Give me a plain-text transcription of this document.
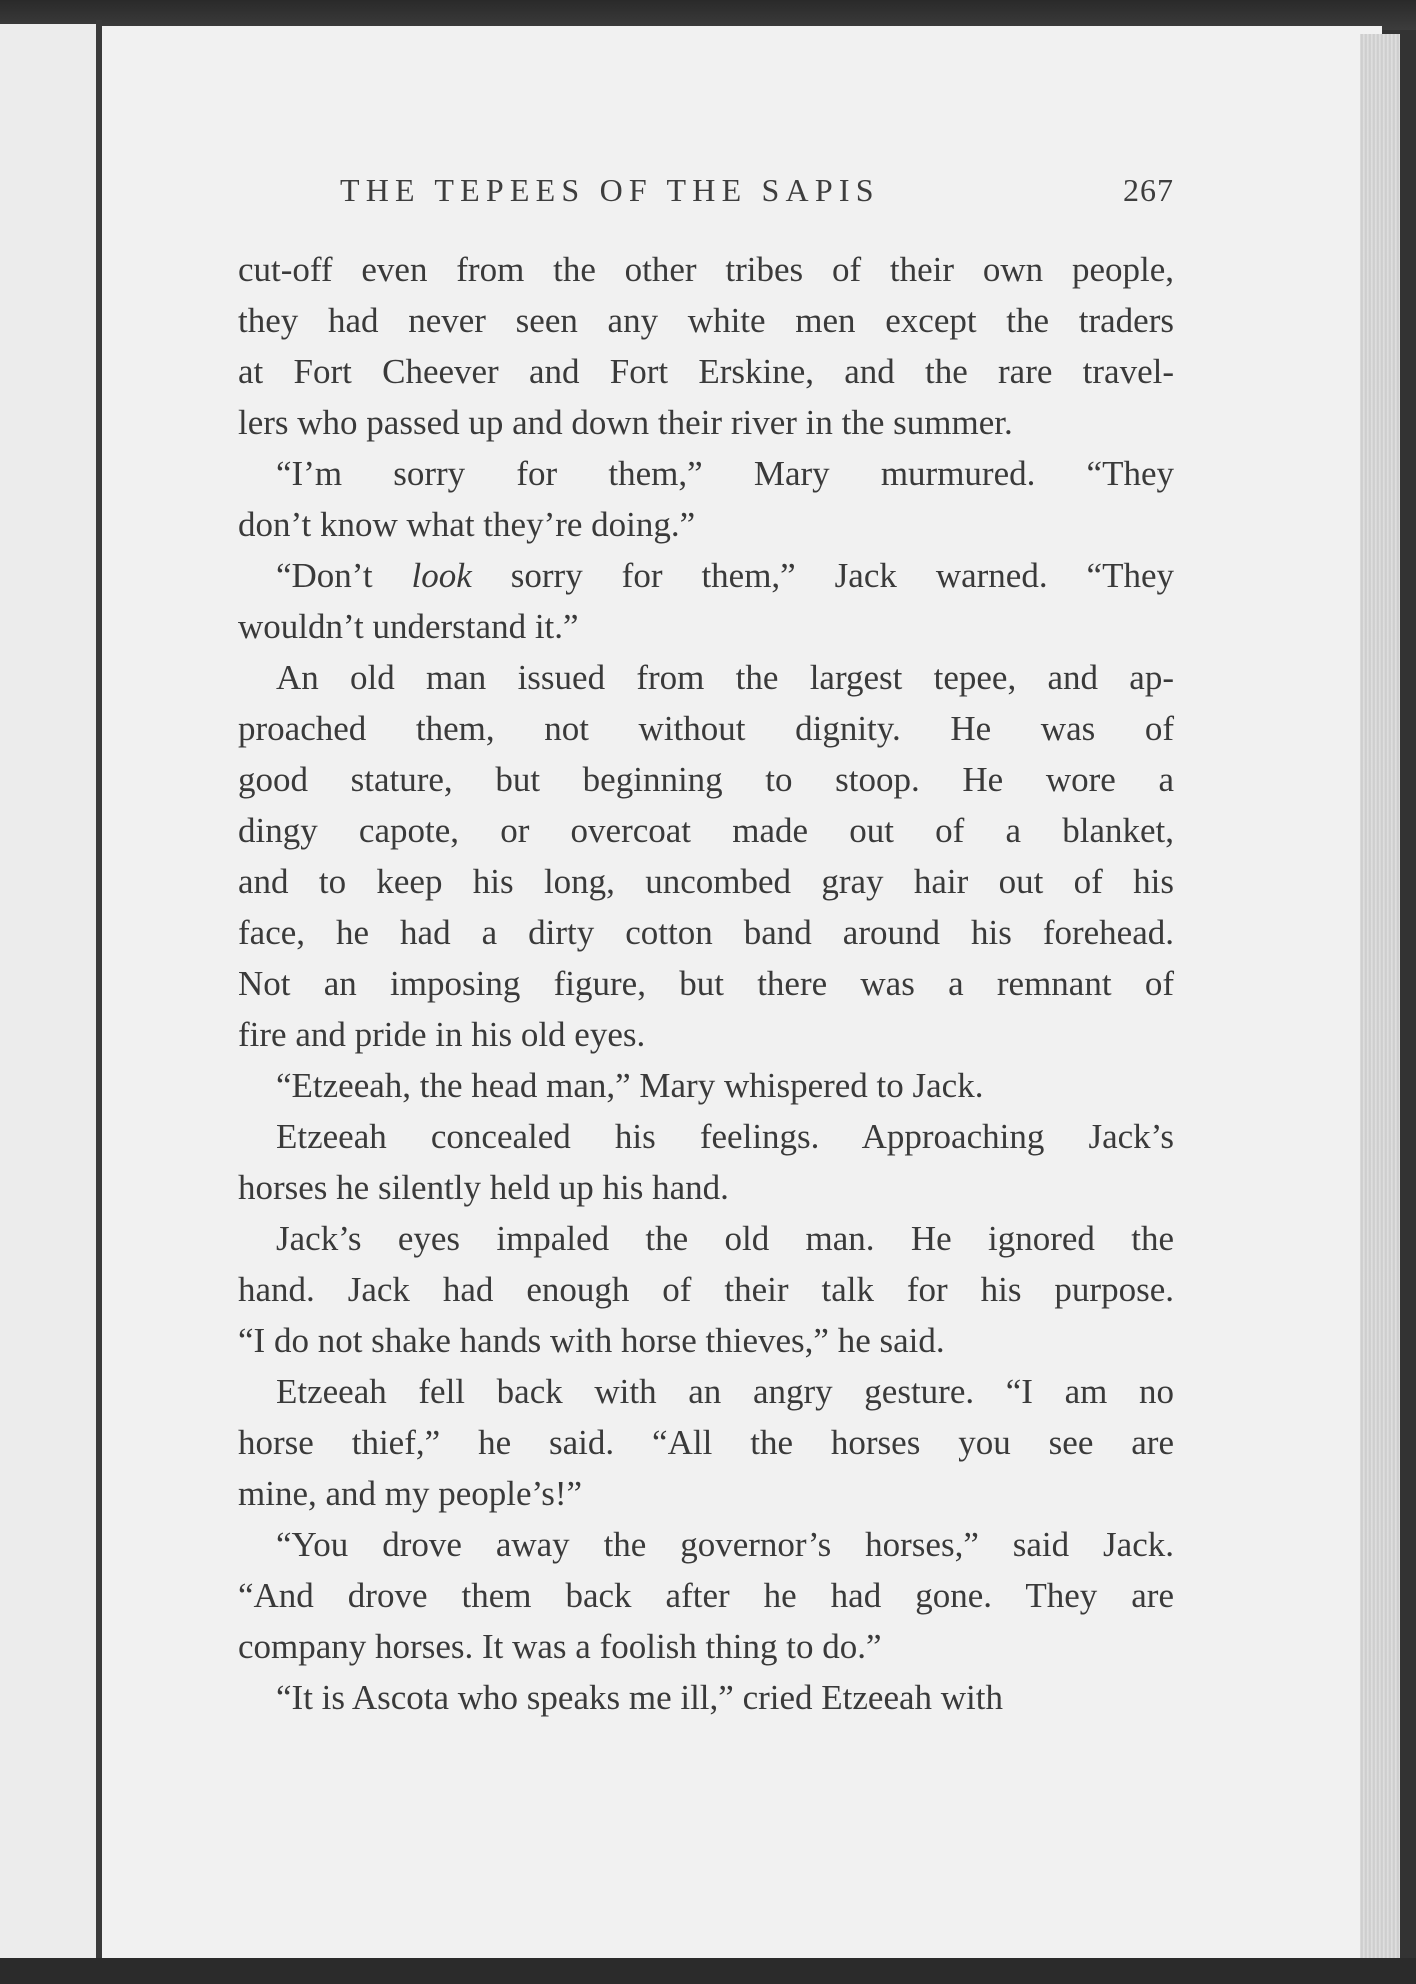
THE TEPEES OF THE SAPIS	267
cut-off even from the other tribes of their own people,
they had never seen any white men except the traders
at Fort Cheever and Fort Erskine, and the rare travel-
lers who passed up and down their river in the summer.
“I’m sorry for them,” Mary murmured. “They
don’t know what they’re doing.”
“Don’t look sorry for them,” Jack warned. “They
wouldn’t understand it.”
An old man issued from the largest tepee, and ap-
proached them, not without dignity. He was of
good stature, but beginning to stoop. He wore a
dingy capote, or overcoat made out of a blanket,
and to keep his long, uncombed gray hair out of his
face, he had a dirty cotton band around his forehead.
Not an imposing figure, but there was a remnant of
fire and pride in his old eyes.
“Etzeeah, the head man,” Mary whispered to Jack.
Etzeeah concealed his feelings. Approaching Jack’s
horses he silently held up his hand.
Jack’s eyes impaled the old man. He ignored the
hand. Jack had enough of their talk for his purpose.
“I do not shake hands with horse thieves,” he said.
Etzeeah fell back with an angry gesture. “I am no
horse thief,” he said. “All the horses you see are
mine, and my people’s!”
“You drove away the governor’s horses,” said Jack.
“And drove them back after he had gone. They are
company horses. It was a foolish thing to do.”
“It is Ascota who speaks me ill,” cried Etzeeah with
